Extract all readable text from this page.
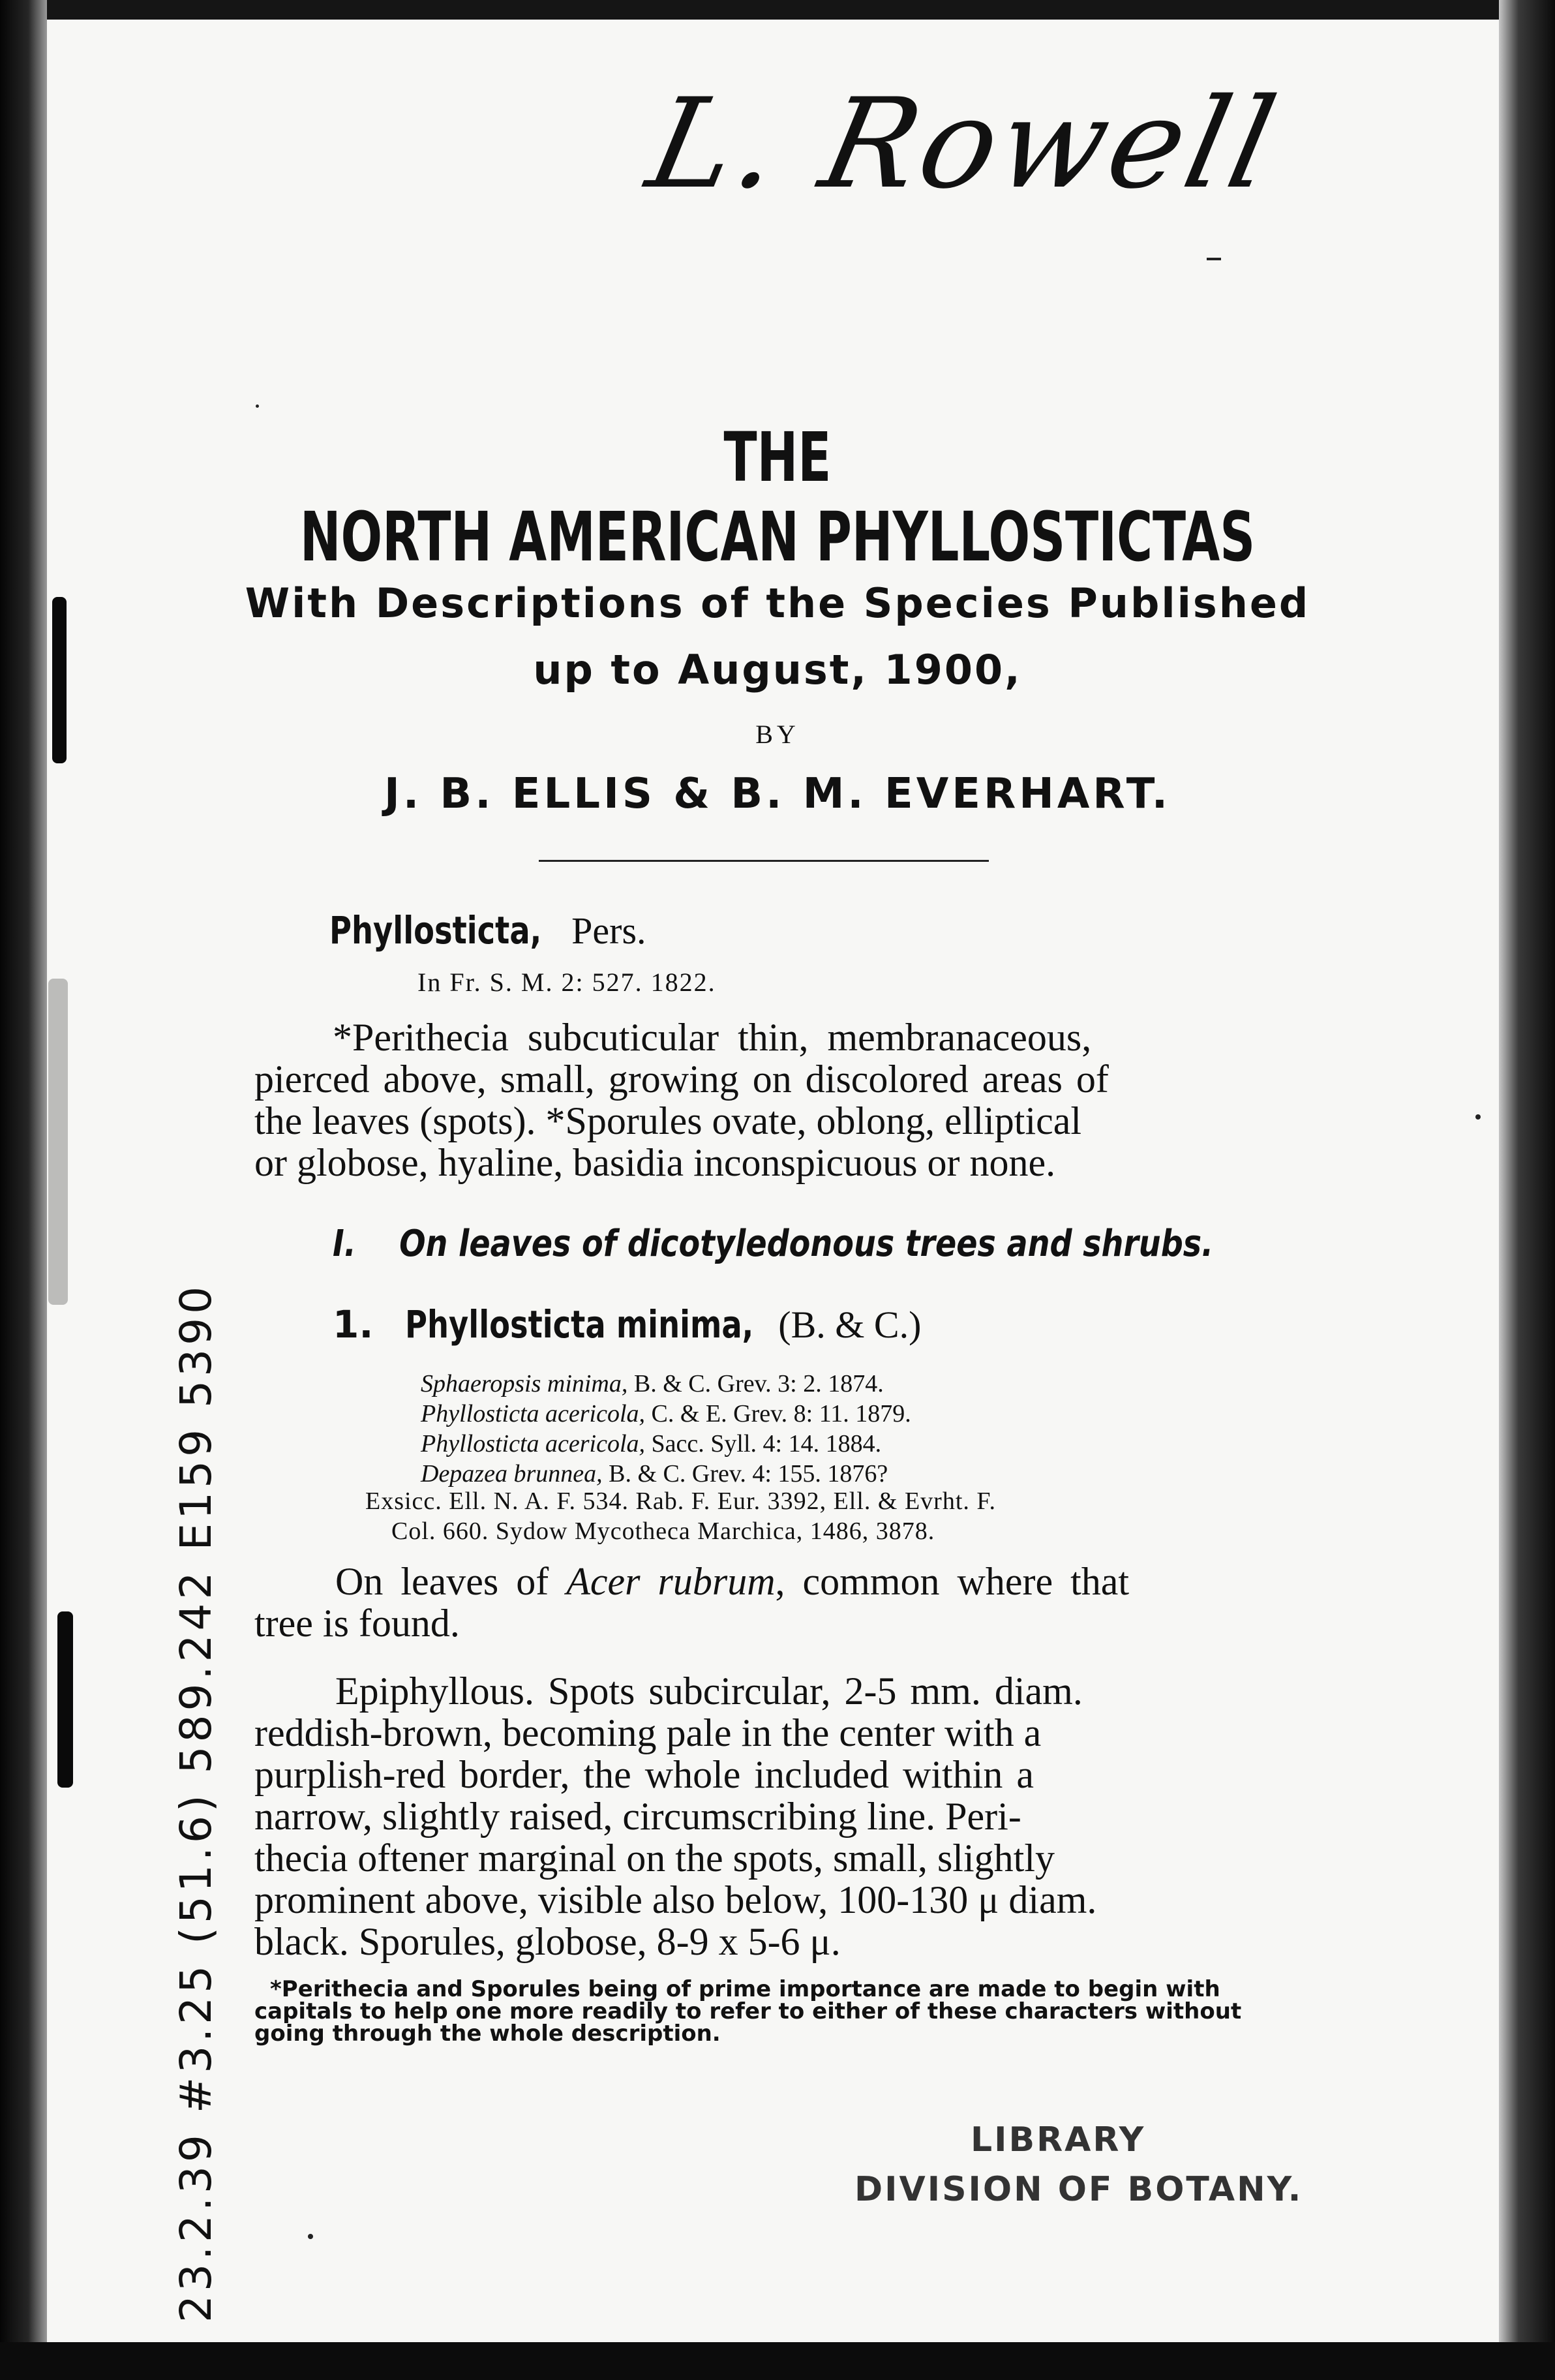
L. Rowell
THE
NORTH AMERICAN PHYLLOSTICTAS
With Descriptions of the Species Published
up to August, 1900,
BY
J. B. ELLIS & B. M. EVERHART.
Phyllosticta, Pers.
In Fr. S. M. 2: 527. 1822.
*Perithecia subcuticular thin, membranaceous,
pierced above, small, growing on discolored areas of
the leaves (spots). *Sporules ovate, oblong, elliptical
or globose, hyaline, basidia inconspicuous or none.
I.    On leaves of dicotyledonous trees and shrubs.
1. Phyllosticta minima, (B. & C.)
Sphaeropsis minima, B. & C. Grev. 3: 2. 1874.
Phyllosticta acericola, C. & E. Grev. 8: 11. 1879.
Phyllosticta acericola, Sacc. Syll. 4: 14. 1884.
Depazea brunnea, B. & C. Grev. 4: 155. 1876?
Exsicc. Ell. N. A. F. 534. Rab. F. Eur. 3392, Ell. & Evrht. F.
Col. 660. Sydow Mycotheca Marchica, 1486, 3878.
On leaves of Acer rubrum, common where that
tree is found.
Epiphyllous. Spots subcircular, 2-5 mm. diam.
reddish-brown, becoming pale in the center with a
purplish-red border, the whole included within a
narrow, slightly raised, circumscribing line. Peri-
thecia oftener marginal on the spots, small, slightly
prominent above, visible also below, 100-130 μ diam.
black. Sporules, globose, 8-9 x 5-6 μ.
*Perithecia and Sporules being of prime importance are made to begin with
capitals to help one more readily to refer to either of these characters without
going through the whole description.
LIBRARY
DIVISION OF BOTANY.
23.2.39 #3.25 (51.6) 589.242 E159 5390
